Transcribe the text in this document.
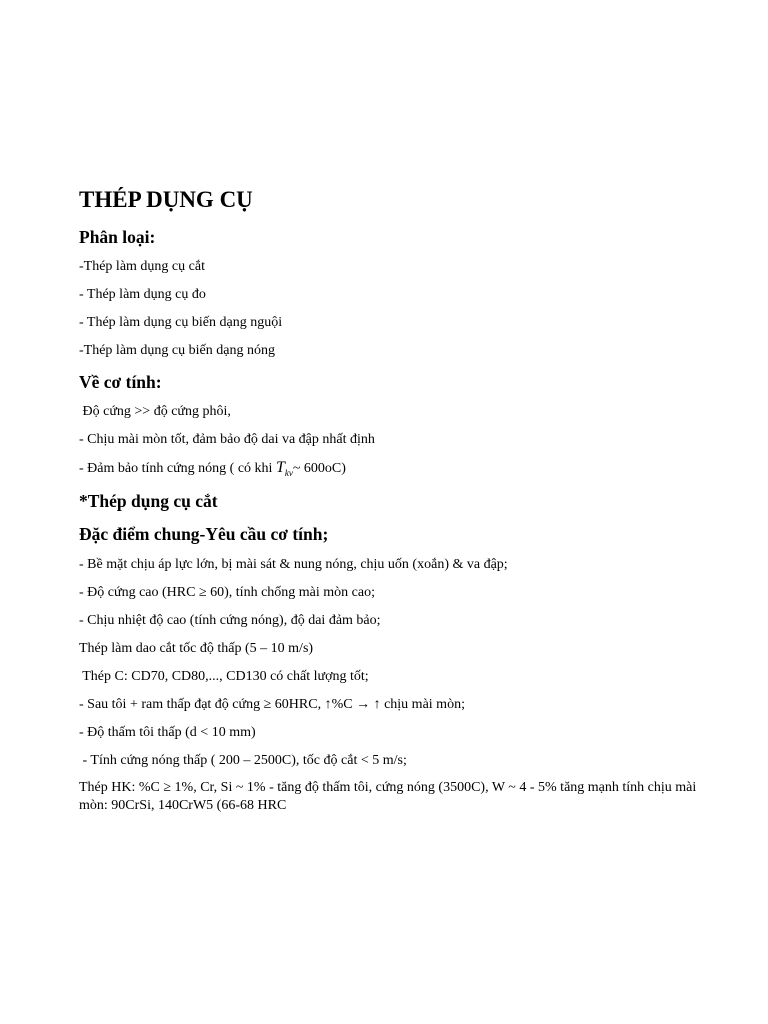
THÉP DỤNG CỤ
Phân loại:
-Thép làm dụng cụ cắt
- Thép làm dụng cụ đo
- Thép làm dụng cụ biến dạng nguội
-Thép làm dụng cụ biến dạng nóng
Về cơ tính:
Độ cứng >> độ cứng phôi,
- Chịu mài mòn tốt, đảm bảo độ dai va đập nhất định
- Đảm bảo tính cứng nóng ( có khi $T_{kv}\sim$ 600oC)
*Thép dụng cụ cắt
Đặc điểm chung-Yêu cầu cơ tính;
- Bề mặt chịu áp lực lớn, bị mài sát & nung nóng, chịu uốn (xoắn) & va đập;
- Độ cứng cao (HRC ≥ 60), tính chống mài mòn cao;
- Chịu nhiệt độ cao (tính cứng nóng), độ dai đảm bảo;
Thép làm dao cắt tốc độ thấp (5 – 10 m/s)
Thép C: CD70, CD80,..., CD130 có chất lượng tốt;
- Sau tôi + ram thấp đạt độ cứng ≥ 60HRC, ↑%C → ↑ chịu mài mòn;
- Độ thấm tôi thấp (d < 10 mm)
- Tính cứng nóng thấp ( 200 – 2500C), tốc độ cắt < 5 m/s;
Thép HK: %C ≥ 1%, Cr, Si ~ 1% - tăng độ thấm tôi, cứng nóng (3500C), W ~ 4 - 5% tăng mạnh tính chịu mài mòn: 90CrSi, 140CrW5 (66-68 HRC
